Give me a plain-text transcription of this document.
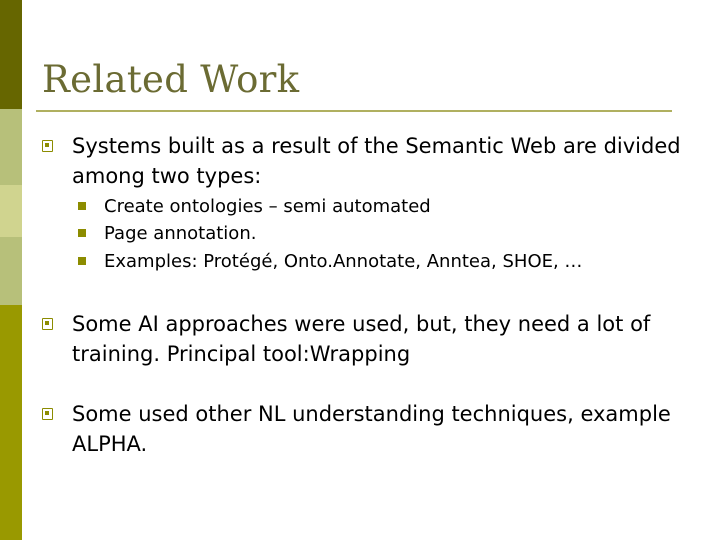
Related Work
Systems built as a result of the Semantic Web are divided among two types:
Create ontologies – semi automated
Page annotation.
Examples: Protégé, Onto.Annotate, Anntea, SHOE, …
Some AI approaches were used, but, they need a lot of training. Principal tool:Wrapping
Some used other NL understanding techniques, example ALPHA.
